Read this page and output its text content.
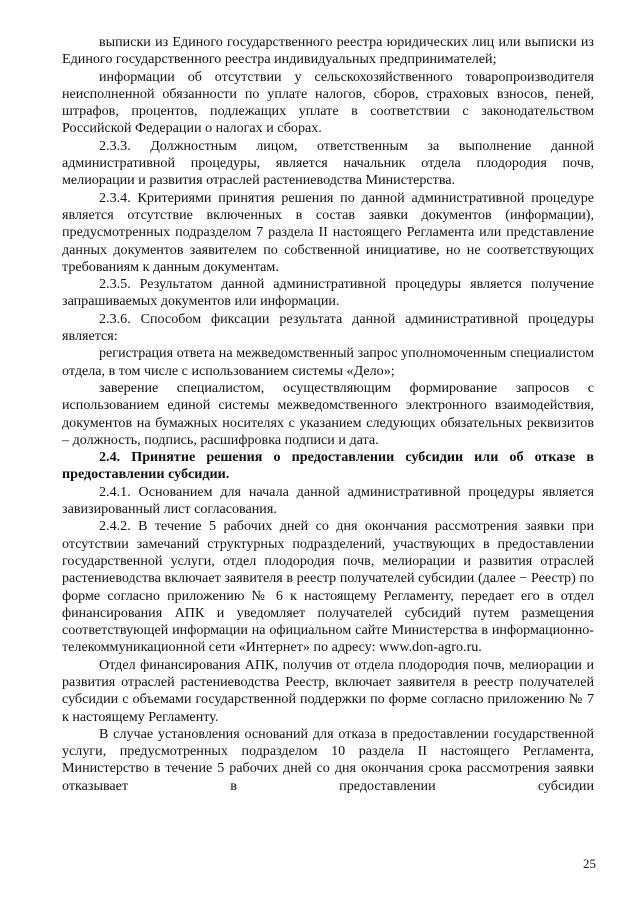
выписки из Единого государственного реестра юридических лиц или выписки из Единого государственного реестра индивидуальных предпринимателей;

информации об отсутствии у сельскохозяйственного товаропроизводителя неисполненной обязанности по уплате налогов, сборов, страховых взносов, пеней, штрафов, процентов, подлежащих уплате в соответствии с законодательством Российской Федерации о налогах и сборах.

2.3.3. Должностным лицом, ответственным за выполнение данной административной процедуры, является начальник отдела плодородия почв, мелиорации и развития отраслей растениеводства Министерства.

2.3.4. Критериями принятия решения по данной административной процедуре является отсутствие включенных в состав заявки документов (информации), предусмотренных подразделом 7 раздела II настоящего Регламента или представление данных документов заявителем по собственной инициативе, но не соответствующих требованиям к данным документам.

2.3.5. Результатом данной административной процедуры является получение запрашиваемых документов или информации.

2.3.6. Способом фиксации результата данной административной процедуры является:

регистрация ответа на межведомственный запрос уполномоченным специалистом отдела, в том числе с использованием системы «Дело»;

заверение специалистом, осуществляющим формирование запросов с использованием единой системы межведомственного электронного взаимодействия, документов на бумажных носителях с указанием следующих обязательных реквизитов – должность, подпись, расшифровка подписи и дата.

2.4. Принятие решения о предоставлении субсидии или об отказе в предоставлении субсидии.

2.4.1. Основанием для начала данной административной процедуры является завизированный лист согласования.

2.4.2. В течение 5 рабочих дней со дня окончания рассмотрения заявки при отсутствии замечаний структурных подразделений, участвующих в предоставлении государственной услуги, отдел плодородия почв, мелиорации и развития отраслей растениеводства включает заявителя в реестр получателей субсидии (далее − Реестр) по форме согласно приложению № 6 к настоящему Регламенту, передает его в отдел финансирования АПК и уведомляет получателей субсидий путем размещения соответствующей информации на официальном сайте Министерства в информационно-телекоммуникационной сети «Интернет» по адресу: www.don-agro.ru.

Отдел финансирования АПК, получив от отдела плодородия почв, мелиорации и развития отраслей растениеводства Реестр, включает заявителя в реестр получателей субсидии с объемами государственной поддержки по форме согласно приложению № 7 к настоящему Регламенту.

В случае установления оснований для отказа в предоставлении государственной услуги, предусмотренных подразделом 10 раздела II настоящего Регламента, Министерство в течение 5 рабочих дней со дня окончания срока рассмотрения заявки отказывает в предоставлении субсидии

25
